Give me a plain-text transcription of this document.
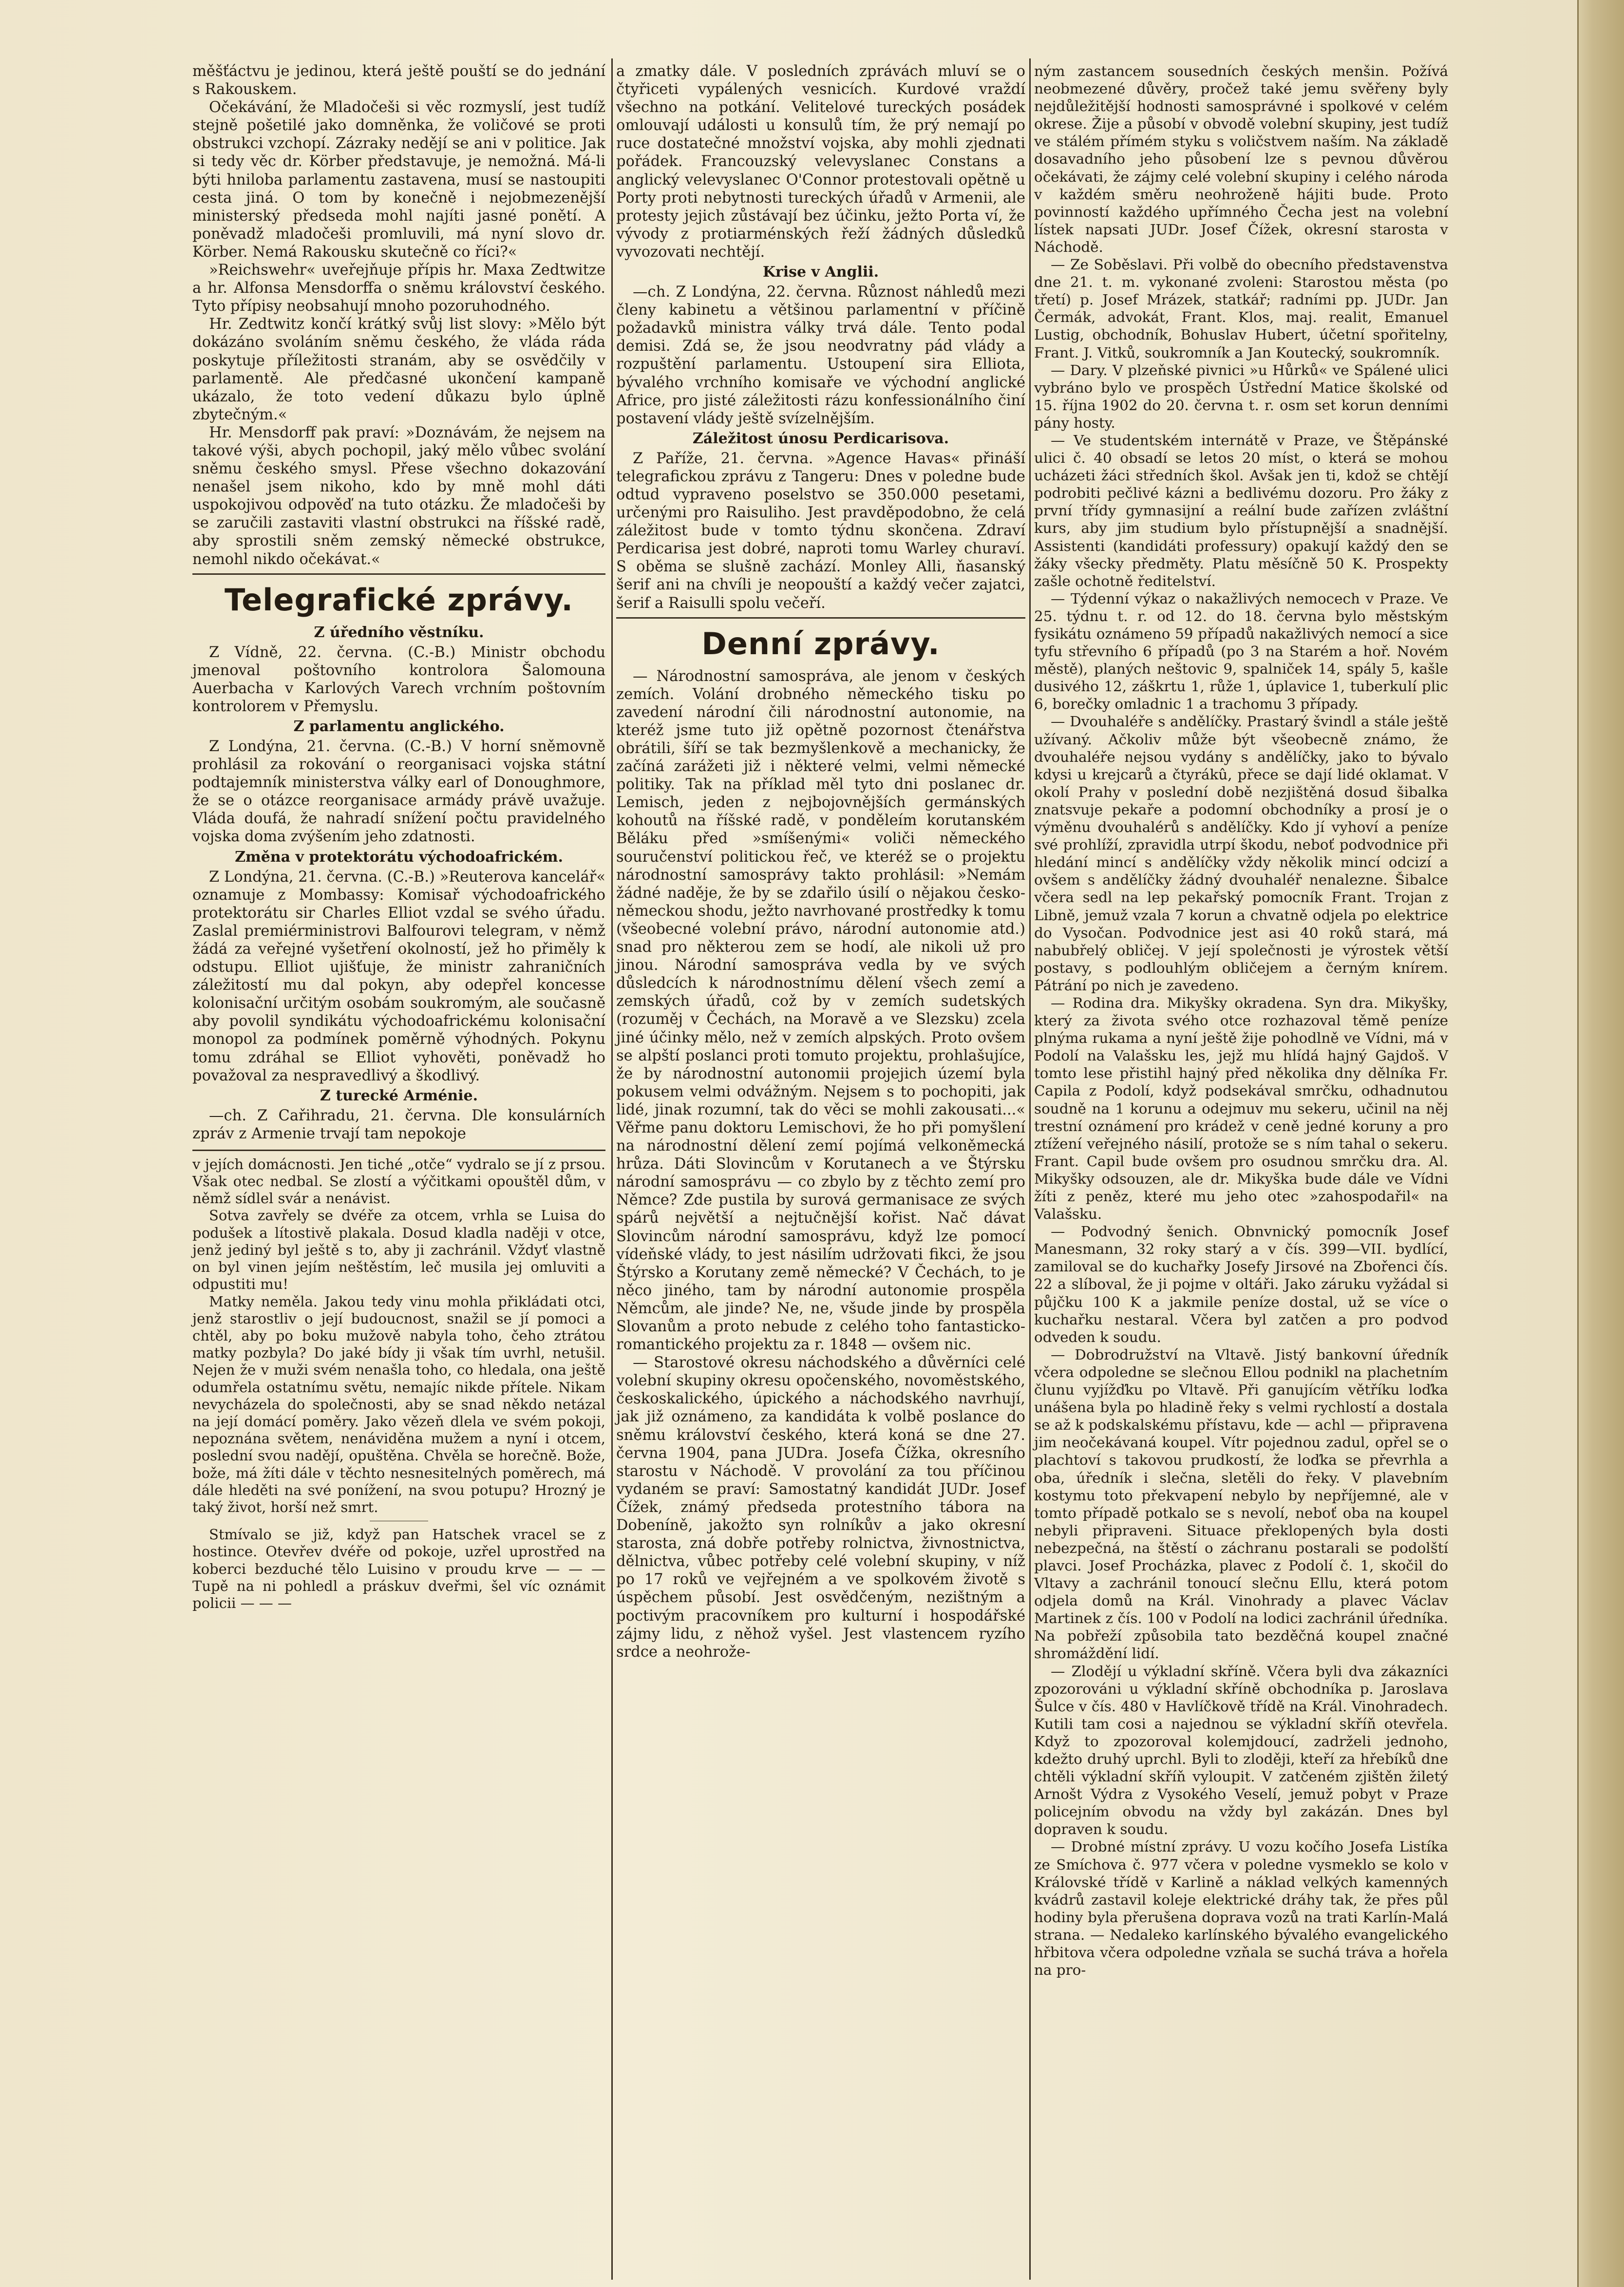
měšťáctvu je jedinou, která ještě pouští se do jednání s Rakouskem.

Očekávání, že Mladočeši si věc rozmyslí, jest tudíž stejně pošetilé jako domněnka, že voličové se proti obstrukci vzchopí. Zázraky nedějí se ani v politice. Jak si tedy věc dr. Körber představuje, je nemožná. Má-li býti hniloba parlamentu zastavena, musí se nastoupiti cesta jiná. O tom by konečně i nejobmezenější ministerský předseda mohl najíti jasné ponětí. A poněvadž mladočeši promluvili, má nyní slovo dr. Körber. Nemá Rakousku skutečně co říci?«

»Reichswehr« uveřejňuje přípis hr. Maxa Zedtwitze a hr. Alfonsa Mensdorffa o sněmu království českého. Tyto přípisy neobsahují mnoho pozoruhodného.

Hr. Zedtwitz končí krátký svůj list slovy: »Mělo být dokázáno svoláním sněmu českého, že vláda ráda poskytuje příležitosti stranám, aby se osvědčily v parlamentě. Ale předčasné ukončení kampaně ukázalo, že toto vedení důkazu bylo úplně zbytečným.«

Hr. Mensdorff pak praví: »Doznávám, že nejsem na takové výši, abych pochopil, jaký mělo vůbec svolání sněmu českého smysl. Přese všechno dokazování nenašel jsem nikoho, kdo by mně mohl dáti uspokojivou odpověď na tuto otázku. Že mladočeši by se zaručili zastaviti vlastní obstrukci na říšské radě, aby sprostili sněm zemský německé obstrukce, nemohl nikdo očekávat.«

Telegrafické zprávy.
Z úředního věstníku.

Z Vídně, 22. června. (C.-B.) Ministr obchodu jmenoval poštovního kontrolora Šalomouna Auerbacha v Karlových Varech vrchním poštovním kontrolorem v Přemyslu.

Z parlamentu anglického.

Z Londýna, 21. června. (C.-B.) V horní sněmovně prohlásil za rokování o reorganisaci vojska státní podtajemník ministerstva války earl of Donoughmore, že se o otázce reorganisace armády právě uvažuje. Vláda doufá, že nahradí snížení počtu pravidelného vojska doma zvýšením jeho zdatnosti.

Změna v protektorátu východoafrickém.

Z Londýna, 21. června. (C.-B.) »Reuterova kancelář« oznamuje z Mombassy: Komisař východoafrického protektorátu sir Charles Elliot vzdal se svého úřadu. Zaslal premiérministrovi Balfourovi telegram, v němž žádá za veřejné vyšetření okolností, jež ho přiměly k odstupu. Elliot ujišťuje, že ministr zahraničních záležitostí mu dal pokyn, aby odepřel koncesse kolonisační určitým osobám soukromým, ale současně aby povolil syndikátu východoafrickému kolonisační monopol za podmínek poměrně výhodných. Pokynu tomu zdráhal se Elliot vyhověti, poněvadž ho považoval za nespravedlivý a škodlivý.

Z turecké Arménie.

—ch. Z Cařihradu, 21. června. Dle konsulárních zpráv z Armenie trvají tam nepokoje

v jejích domácnosti. Jen tiché „otče“ vydralo se jí z prsou. Však otec nedbal. Se zlostí a výčitkami opouštěl dům, v němž sídlel svár a nenávist.

Sotva zavřely se dvéře za otcem, vrhla se Luisa do podušek a lítostivě plakala. Dosud kladla naději v otce, jenž jediný byl ještě s to, aby ji zachránil. Vždyť vlastně on byl vinen jejím neštěstím, leč musila jej omluviti a odpustiti mu!

Matky neměla. Jakou tedy vinu mohla přikládati otci, jenž starostliv o její budoucnost, snažil se jí pomoci a chtěl, aby po boku mužově nabyla toho, čeho ztrátou matky pozbyla? Do jaké bídy ji však tím uvrhl, netušil. Nejen že v muži svém nenašla toho, co hledala, ona ještě odumřela ostatnímu světu, nemajíc nikde přítele. Nikam nevycházela do společnosti, aby se snad někdo netázal na její domácí poměry. Jako vězeň dlela ve svém pokoji, nepoznána světem, nenáviděna mužem a nyní i otcem, poslední svou nadějí, opuštěna. Chvěla se horečně. Bože, bože, má žíti dále v těchto nesnesitelných poměrech, má dále hleděti na své ponížení, na svou potupu? Hrozný je taký život, horší než smrt.

Stmívalo se již, když pan Hatschek vracel se z hostince. Otevřev dvéře od pokoje, uzřel uprostřed na koberci bezduché tělo Luisino v proudu krve — — — Tupě na ni pohledl a práskuv dveřmi, šel víc oznámit policii — — —

a zmatky dále. V posledních zprávách mluví se o čtyřiceti vypálených vesnicích. Kurdové vraždí všechno na potkání. Velitelové tureckých posádek omlouvají události u konsulů tím, že prý nemají po ruce dostatečné množství vojska, aby mohli zjednati pořádek. Francouzský velevyslanec Constans a anglický velevyslanec O'Connor protestovali opětně u Porty proti nebytnosti tureckých úřadů v Armenii, ale protesty jejich zůstávají bez účinku, ježto Porta ví, že vývody z protiarménských řeží žádných důsledků vyvozovati nechtějí.

Krise v Anglii.

—ch. Z Londýna, 22. června. Různost náhledů mezi členy kabinetu a většinou parlamentní v příčině požadavků ministra války trvá dále. Tento podal demisi. Zdá se, že jsou neodvratny pád vlády a rozpuštění parlamentu. Ustoupení sira Elliota, bývalého vrchního komisaře ve východní anglické Africe, pro jisté záležitosti rázu konfessionálního činí postavení vlády ještě svízelnějším.

Záležitost únosu Perdicarisova.

Z Paříže, 21. června. »Agence Havas« přináší telegrafickou zprávu z Tangeru: Dnes v poledne bude odtud vypraveno poselstvo se 350.000 pesetami, určenými pro Raisuliho. Jest pravděpodobno, že celá záležitost bude v tomto týdnu skončena. Zdraví Perdicarisa jest dobré, naproti tomu Warley churaví. S oběma se slušně zachází. Monley Alli, ňasanský šerif ani na chvíli je neopouští a každý večer zajatci, šerif a Raisulli spolu večeří.

Denní zprávy.

— Národnostní samospráva, ale jenom v českých zemích. Volání drobného německého tisku po zavedení národní čili národnostní autonomie, na kteréž jsme tuto již opětně pozornost čtenářstva obrátili, šíří se tak bezmyšlenkově a mechanicky, že začíná zarážeti již i některé velmi, velmi německé politiky. Tak na příklad měl tyto dni poslanec dr. Lemisch, jeden z nejbojovnějších germánských kohoutů na říšské radě, v ponděleím korutanském Běláku před »smíšenými« voliči německého souručenství politickou řeč, ve kteréž se o projektu národnostní samosprávy takto prohlásil: »Nemám žádné naděje, že by se zdařilo úsilí o nějakou česko-německou shodu, ježto navrhované prostředky k tomu (všeobecné volební právo, národní autonomie atd.) snad pro některou zem se hodí, ale nikoli už pro jinou. Národní samospráva vedla by ve svých důsledcích k národnostnímu dělení všech zemí a zemských úřadů, což by v zemích sudetských (rozuměj v Čechách, na Moravě a ve Slezsku) zcela jiné účinky mělo, než v zemích alpských. Proto ovšem se alpští poslanci proti tomuto projektu, prohlašujíce, že by národnostní autonomii projejich území byla pokusem velmi odvážným. Nejsem s to pochopiti, jak lidé, jinak rozumní, tak do věci se mohli zakousati...« Věřme panu doktoru Lemischovi, že ho při pomyšlení na národnostní dělení zemí pojímá velkoněmecká hrůza. Dáti Slovincům v Korutanech a ve Štýrsku národní samosprávu — co zbylo by z těchto zemí pro Němce? Zde pustila by surová germanisace ze svých spárů největší a nejtučnější kořist. Nač dávat Slovincům národní samosprávu, když lze pomocí vídeňské vlády, to jest násilím udržovati fikci, že jsou Štýrsko a Korutany země německé? V Čechách, to je něco jiného, tam by národní autonomie prospěla Němcům, ale jinde? Ne, ne, všude jinde by prospěla Slovanům a proto nebude z celého toho fantasticko-romantického projektu za r. 1848 — ovšem nic.

— Starostové okresu náchodského a důvěrníci celé volební skupiny okresu opočenského, novoměstského, českoskalického, úpického a náchodského navrhují, jak již oznámeno, za kandidáta k volbě poslance do sněmu království českého, která koná se dne 27. června 1904, pana JUDra. Josefa Čížka, okresního starostu v Náchodě. V provolání za tou příčinou vydaném se praví: Samostatný kandidát JUDr. Josef Čížek, známý předseda protestního tábora na Dobeníně, jakožto syn rolníkův a jako okresní starosta, zná dobře potřeby rolnictva, živnostnictva, dělnictva, vůbec potřeby celé volební skupiny, v níž po 17 roků ve vejřejném a ve spolkovém životě s úspěchem působí. Jest osvědčeným, nezištným a poctivým pracovníkem pro kulturní i hospodářské zájmy lidu, z něhož vyšel. Jest vlastencem ryzího srdce a neohrože-

ným zastancem sousedních českých menšin. Požívá neobmezené důvěry, pročež také jemu svěřeny byly nejdůležitější hodnosti samosprávné i spolkové v celém okrese. Žije a působí v obvodě volební skupiny, jest tudíž ve stálém přímém styku s voličstvem naším. Na základě dosavadního jeho působení lze s pevnou důvěrou očekávati, že zájmy celé volební skupiny i celého národa v každém směru neohroženě hájiti bude. Proto povinností každého upřímného Čecha jest na volební lístek napsati JUDr. Josef Čížek, okresní starosta v Náchodě.

— Ze Soběslavi. Při volbě do obecního představenstva dne 21. t. m. vykonané zvoleni: Starostou města (po třetí) p. Josef Mrázek, statkář; radními pp. JUDr. Jan Čermák, advokát, Frant. Klos, maj. realit, Emanuel Lustig, obchodník, Bohuslav Hubert, účetní spořitelny, Frant. J. Vitků, soukromník a Jan Koutecký, soukromník.

— Dary. V plzeňské pivnici »u Hůrků« ve Spálené ulici vybráno bylo ve prospěch Ústřední Matice školské od 15. října 1902 do 20. června t. r. osm set korun denními pány hosty.

— Ve studentském internátě v Praze, ve Štěpánské ulici č. 40 obsadí se letos 20 míst, o která se mohou ucházeti žáci středních škol. Avšak jen ti, kdož se chtějí podrobiti pečlivé kázni a bedlivému dozoru. Pro žáky z první třídy gymnasijní a reální bude zařízen zvláštní kurs, aby jim studium bylo přístupnější a snadnější. Assistenti (kandidáti professury) opakují každý den se žáky všecky předměty. Platu měsíčně 50 K. Prospekty zašle ochotně ředitelství.

— Týdenní výkaz o nakažlivých nemocech v Praze. Ve 25. týdnu t. r. od 12. do 18. června bylo městským fysikátu oznámeno 59 případů nakažlivých nemocí a sice tyfu střevního 6 případů (po 3 na Starém a hoř. Novém městě), planých neštovic 9, spalniček 14, spály 5, kašle dusivého 12, záškrtu 1, růže 1, úplavice 1, tuberkulí plic 6, borečky omladnic 1 a trachomu 3 případy.

— Dvouhaléře s andělíčky. Prastarý švindl a stále ještě užívaný. Ačkoliv může být všeobecně známo, že dvouhaléře nejsou vydány s andělíčky, jako to bývalo kdysi u krejcarů a čtyrákû, přece se dají lidé oklamat. V okolí Prahy v poslední době nezjištěná dosud šibalka znatsvuje pekaře a podomní obchodníky a prosí je o výměnu dvouhalérů s andělíčky. Kdo jí vyhoví a peníze své prohlíží, zpravidla utrpí škodu, neboť podvodnice při hledání mincí s andělíčky vždy několik mincí odcizí a ovšem s andělíčky žádný dvouhaléř nenalezne. Šibalce včera sedl na lep pekařský pomocník Frant. Trojan z Libně, jemuž vzala 7 korun a chvatně odjela po elektrice do Vysočan. Podvodnice jest asi 40 roků stará, má nabubřelý obličej. V její společnosti je výrostek větší postavy, s podlouhlým obličejem a černým knírem. Pátrání po nich je zavedeno.

— Rodina dra. Mikyšky okradena. Syn dra. Mikyšky, který za života svého otce rozhazoval těmě peníze plnýma rukama a nyní ještě žije pohodlně ve Vídni, má v Podolí na Valašsku les, jejž mu hlídá hajný Gajdoš. V tomto lese přistihl hajný před několika dny dělníka Fr. Capila z Podolí, když podsekával smrčku, odhadnutou soudně na 1 korunu a odejmuv mu sekeru, učinil na něj trestní oznámení pro krádež v ceně jedné koruny a pro ztížení veřejného násilí, protože se s ním tahal o sekeru. Frant. Capil bude ovšem pro osudnou smrčku dra. Al. Mikyšky odsouzen, ale dr. Mikyška bude dále ve Vídni žíti z peněz, které mu jeho otec »zahospodařil« na Valašsku.

— Podvodný šenich. Obnvnický pomocník Josef Manesmann, 32 roky starý a v čís. 399—VII. bydlící, zamiloval se do kuchařky Josefy Jirsové na Zbořenci čís. 22 a slíboval, že ji pojme v oltáři. Jako záruku vyžádal si půjčku 100 K a jakmile peníze dostal, už se více o kuchařku nestaral. Včera byl zatčen a pro podvod odveden k soudu.

— Dobrodružství na Vltavě. Jistý bankovní úředník včera odpoledne se slečnou Ellou podnikl na plachetním člunu vyjížďku po Vltavě. Při ganujícím větříku loďka unášena byla po hladině řeky s velmi rychlostí a dostala se až k podskalskému přístavu, kde — achl — připravena jim neočekávaná koupel. Vítr pojednou zadul, opřel se o plachtoví s takovou prudkostí, že loďka se převrhla a oba, úředník i slečna, sletěli do řeky. V plavebním kostymu toto překvapení nebylo by nepříjemné, ale v tomto případě potkalo se s nevolí, neboť oba na koupel nebyli připraveni. Situace překlopených byla dosti nebezpečná, na štěstí o záchranu postarali se podolští plavci. Josef Procházka, plavec z Podolí č. 1, skočil do Vltavy a zachránil tonoucí slečnu Ellu, která potom odjela domů na Král. Vinohrady a plavec Václav Martinek z čís. 100 v Podolí na lodici zachránil úředníka. Na pobřeží způsobila tato bezděčná koupel značné shromáždění lidí.

— Zlodějí u výkladní skříně. Včera byli dva zákazníci zpozorováni u výkladní skříně obchodníka p. Jaroslava Šulce v čís. 480 v Havlíčkově třídě na Král. Vinohradech. Kutili tam cosi a najednou se výkladní skříň otevřela. Když to zpozoroval kolemjdoucí, zadrželi jednoho, kdežto druhý uprchl. Byli to zloději, kteří za hřebíků dne chtěli výkladní skříň vyloupit. V zatčeném zjištěn žiletý Arnošt Výdra z Vysokého Veselí, jemuž pobyt v Praze policejním obvodu na vždy byl zakázán. Dnes byl dopraven k soudu.

— Drobné místní zprávy. U vozu kočího Josefa Listíka ze Smíchova č. 977 včera v poledne vysmeklo se kolo v Královské třídě v Karlině a náklad velkých kamenných kvádrů zastavil koleje elektrické dráhy tak, že přes půl hodiny byla přerušena doprava vozů na trati Karlín-Malá strana. — Nedaleko karlínského bývalého evangelického hřbitova včera odpoledne vzňala se suchá tráva a hořela na pro-
